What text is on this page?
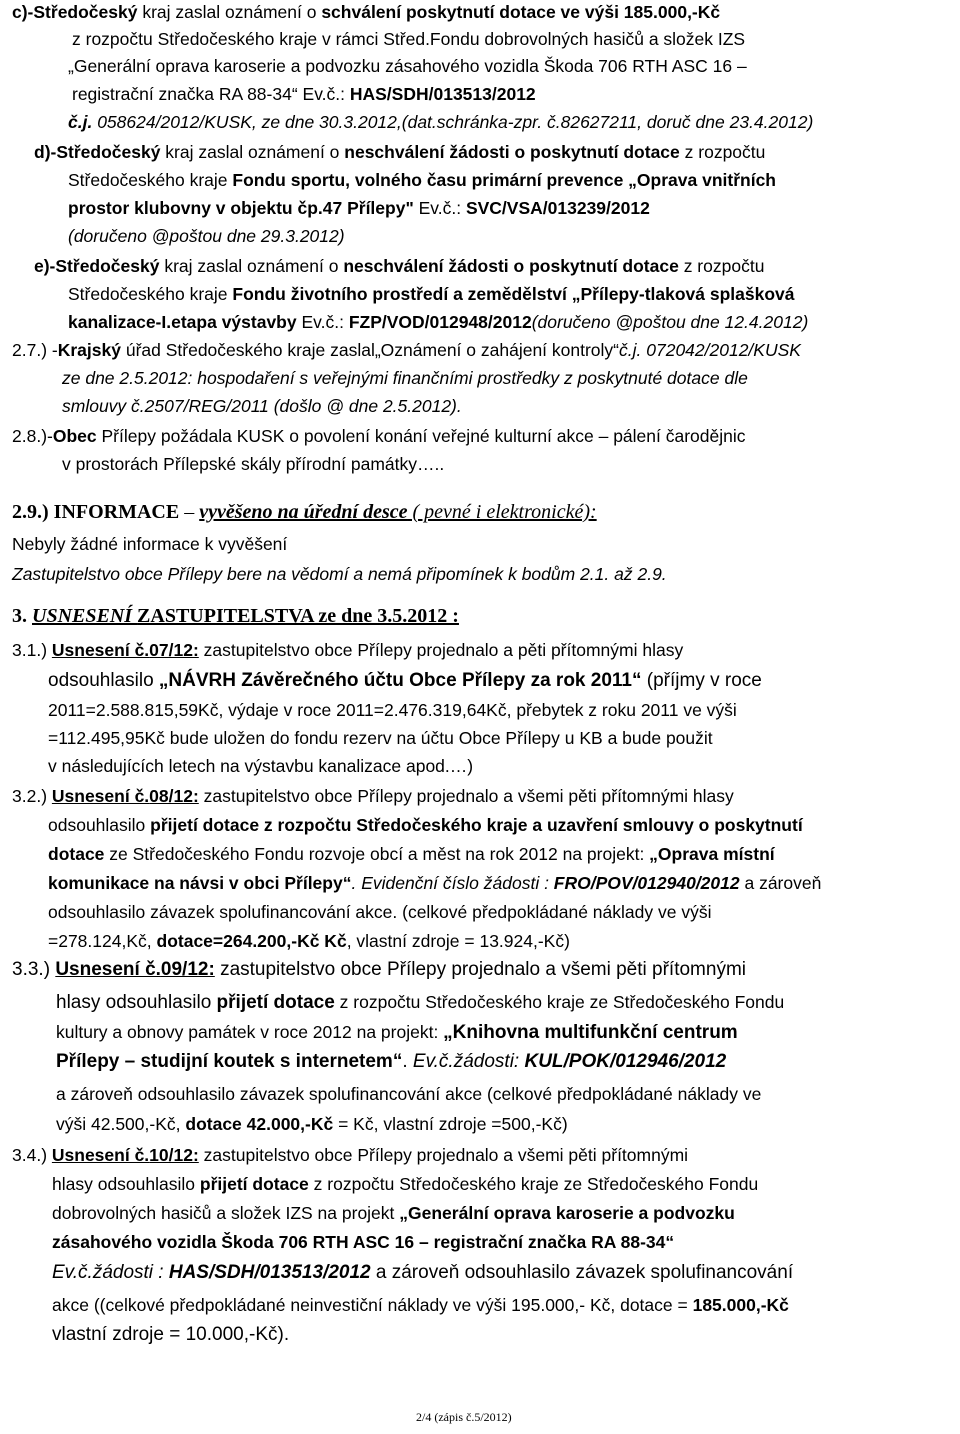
c)-Středočeský kraj zaslal oznámení o schválení poskytnutí dotace ve výši 185.000,-Kč
z rozpočtu Středočeského kraje v rámci Střed.Fondu dobrovolných hasičů a složek IZS
„Generální oprava karoserie a podvozku zásahového vozidla Škoda 706 RTH ASC 16 –
registrační značka RA 88-34“ Ev.č.: HAS/SDH/013513/2012
č.j. 058624/2012/KUSK, ze dne 30.3.2012,(dat.schránka-zpr. č.82627211, doruč dne 23.4.2012)
d)-Středočeský kraj zaslal oznámení o neschválení žádosti o poskytnutí dotace z rozpočtu
Středočeského kraje Fondu sportu, volného času primární prevence „Oprava vnitřních
prostor klubovny v objektu čp.47 Přílepy" Ev.č.: SVC/VSA/013239/2012
(doručeno @poštou dne 29.3.2012)
e)-Středočeský kraj zaslal oznámení o neschválení žádosti o poskytnutí dotace z rozpočtu
Středočeského kraje Fondu životního prostředí a zemědělství „Přílepy-tlaková splašková
kanalizace-I.etapa výstavby Ev.č.: FZP/VOD/012948/2012(doručeno @poštou dne 12.4.2012)
2.7.) -Krajský úřad Středočeského kraje zaslal„Oznámení o zahájení kontroly“č.j. 072042/2012/KUSK
ze dne 2.5.2012: hospodaření s veřejnými finančními prostředky z poskytnuté dotace dle
smlouvy č.2507/REG/2011 (došlo @ dne 2.5.2012).
2.8.)-Obec Přílepy požádala KUSK o povolení konání veřejné kulturní akce – pálení čarodějnic
v prostorách Přílepské skály přírodní památky…..
2.9.) INFORMACE – vyvěšeno na úřední desce ( pevné i elektronické):
Nebyly žádné informace k vyvěšení
Zastupitelstvo obce Přílepy bere na vědomí a nemá připomínek k bodům 2.1. až 2.9.
3. USNESENÍ ZASTUPITELSTVA ze dne 3.5.2012 :
3.1.) Usnesení č.07/12: zastupitelstvo obce Přílepy projednalo a pěti přítomnými hlasy
odsouhlasilo „NÁVRH Závěrečného účtu Obce Přílepy za rok 2011“ (příjmy v roce
2011=2.588.815,59Kč, výdaje v roce 2011=2.476.319,64Kč, přebytek z roku 2011 ve výši
=112.495,95Kč bude uložen do fondu rezerv na účtu Obce Přílepy u KB a bude použit
v následujících letech na výstavbu kanalizace apod.…)
3.2.) Usnesení č.08/12: zastupitelstvo obce Přílepy projednalo a všemi pěti přítomnými hlasy
odsouhlasilo přijetí dotace z rozpočtu Středočeského kraje a uzavření smlouvy o poskytnutí
dotace ze Středočeského Fondu rozvoje obcí a měst na rok 2012 na projekt: „Oprava místní
komunikace na návsi v obci Přílepy“. Evidenční číslo žádosti : FRO/POV/012940/2012 a zároveň
odsouhlasilo závazek spolufinancování akce. (celkové předpokládané náklady ve výši
=278.124,Kč, dotace=264.200,-Kč Kč, vlastní zdroje = 13.924,-Kč)
3.3.) Usnesení č.09/12: zastupitelstvo obce Přílepy projednalo a všemi pěti přítomnými
hlasy odsouhlasilo přijetí dotace z rozpočtu Středočeského kraje ze Středočeského Fondu
kultury a obnovy památek v roce 2012 na projekt: „Knihovna multifunkční centrum
Přílepy – studijní koutek s internetem“. Ev.č.žádosti: KUL/POK/012946/2012
a zároveň odsouhlasilo závazek spolufinancování akce (celkové předpokládané náklady ve
výši 42.500,-Kč, dotace 42.000,-Kč = Kč, vlastní zdroje =500,-Kč)
3.4.) Usnesení č.10/12: zastupitelstvo obce Přílepy projednalo a všemi pěti přítomnými
hlasy odsouhlasilo přijetí dotace z rozpočtu Středočeského kraje ze Středočeského Fondu
dobrovolných hasičů a složek IZS na projekt „Generální oprava karoserie a podvozku
zásahového vozidla Škoda 706 RTH ASC 16 – registrační značka RA 88-34“
Ev.č.žádosti : HAS/SDH/013513/2012 a zároveň odsouhlasilo závazek spolufinancování
akce ((celkové předpokládané neinvestiční náklady ve výši 195.000,- Kč, dotace = 185.000,-Kč
vlastní zdroje = 10.000,-Kč).
2/4 (zápis č.5/2012)
